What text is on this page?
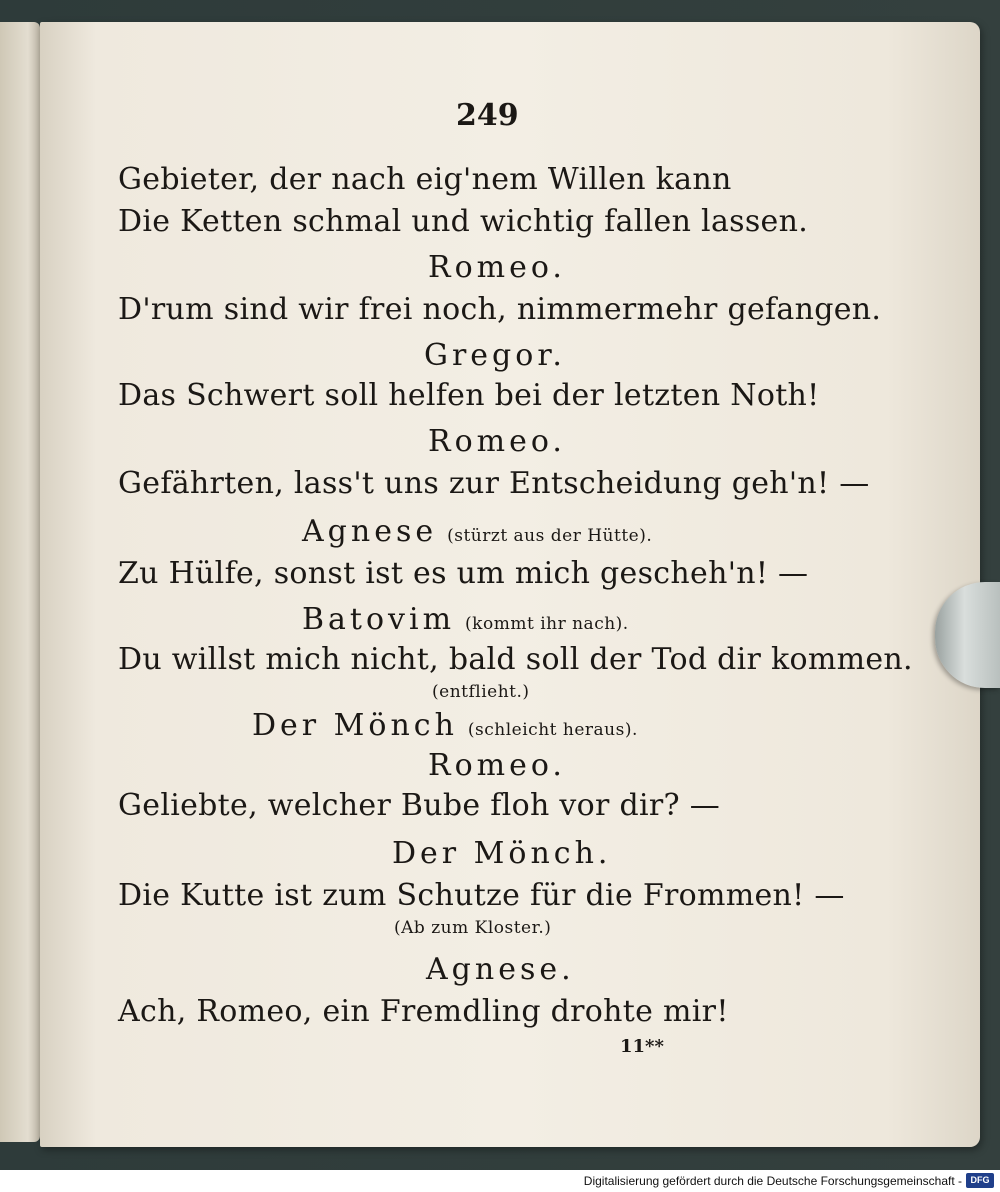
249
Gebieter, der nach eig'nem Willen kann
Die Ketten schmal und wichtig fallen lassen.
Romeo.
D'rum sind wir frei noch, nimmermehr gefangen.
Gregor.
Das Schwert soll helfen bei der letzten Noth!
Romeo.
Gefährten, lass't uns zur Entscheidung geh'n! —
Agnese (stürzt aus der Hütte).
Zu Hülfe, sonst ist es um mich gescheh'n! —
Batovim (kommt ihr nach).
Du willst mich nicht, bald soll der Tod dir kommen.
(entflieht.)
Der Mönch (schleicht heraus).
Romeo.
Geliebte, welcher Bube floh vor dir? —
Der Mönch.
Die Kutte ist zum Schutze für die Frommen! —
(Ab zum Kloster.)
Agnese.
Ach, Romeo, ein Fremdling drohte mir!
11**
Digitalisierung gefördert durch die Deutsche Forschungsgemeinschaft - DFG
